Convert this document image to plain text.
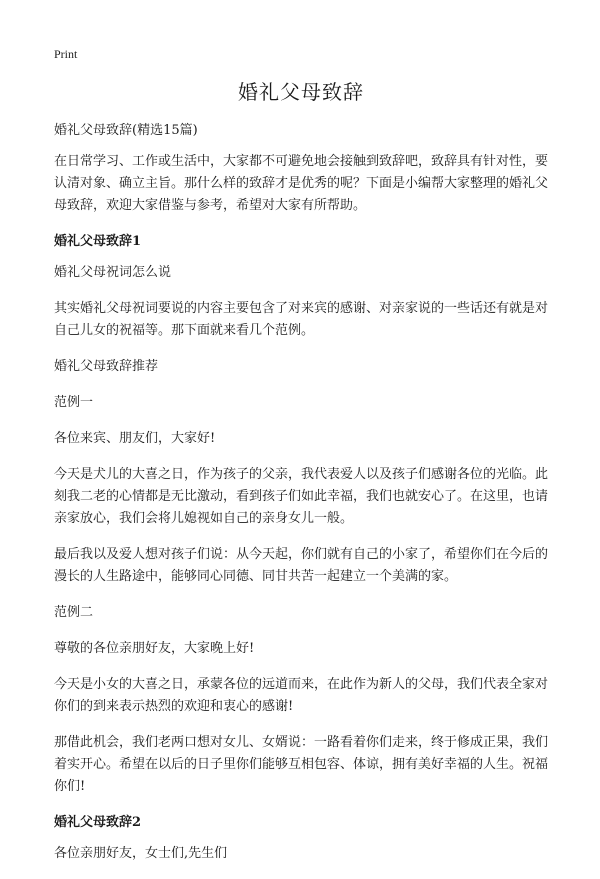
Print
婚礼父母致辞

婚礼父母致辞(精选15篇)

在日常学习、工作或生活中，大家都不可避免地会接触到致辞吧，致辞具有针对性，要认清对象、确立主旨。那什么样的致辞才是优秀的呢？下面是小编帮大家整理的婚礼父母致辞，欢迎大家借鉴与参考，希望对大家有所帮助。

婚礼父母致辞1

婚礼父母祝词怎么说

其实婚礼父母祝词要说的内容主要包含了对来宾的感谢、对亲家说的一些话还有就是对自己儿女的祝福等。那下面就来看几个范例。

婚礼父母致辞推荐

范例一

各位来宾、朋友们，大家好!

今天是犬儿的大喜之日，作为孩子的父亲，我代表爱人以及孩子们感谢各位的光临。此刻我二老的心情都是无比激动，看到孩子们如此幸福，我们也就安心了。在这里，也请亲家放心，我们会将儿媳视如自己的亲身女儿一般。

最后我以及爱人想对孩子们说：从今天起，你们就有自己的小家了，希望你们在今后的 漫长的人生路途中，能够同心同德、同甘共苦一起建立一个美满的家。

范例二

尊敬的各位亲朋好友，大家晚上好!

今天是小女的大喜之日，承蒙各位的远道而来，在此作为新人的父母，我们代表全家对你们的到来表示热烈的欢迎和衷心的感谢!

那借此机会，我们老两口想对女儿、女婿说：一路看着你们走来，终于修成正果，我们着实开心。希望在以后的日子里你们能够互相包容、体谅，拥有美好幸福的人生。祝福你们!

婚礼父母致辞2

各位亲朋好友，女士们,先生们
